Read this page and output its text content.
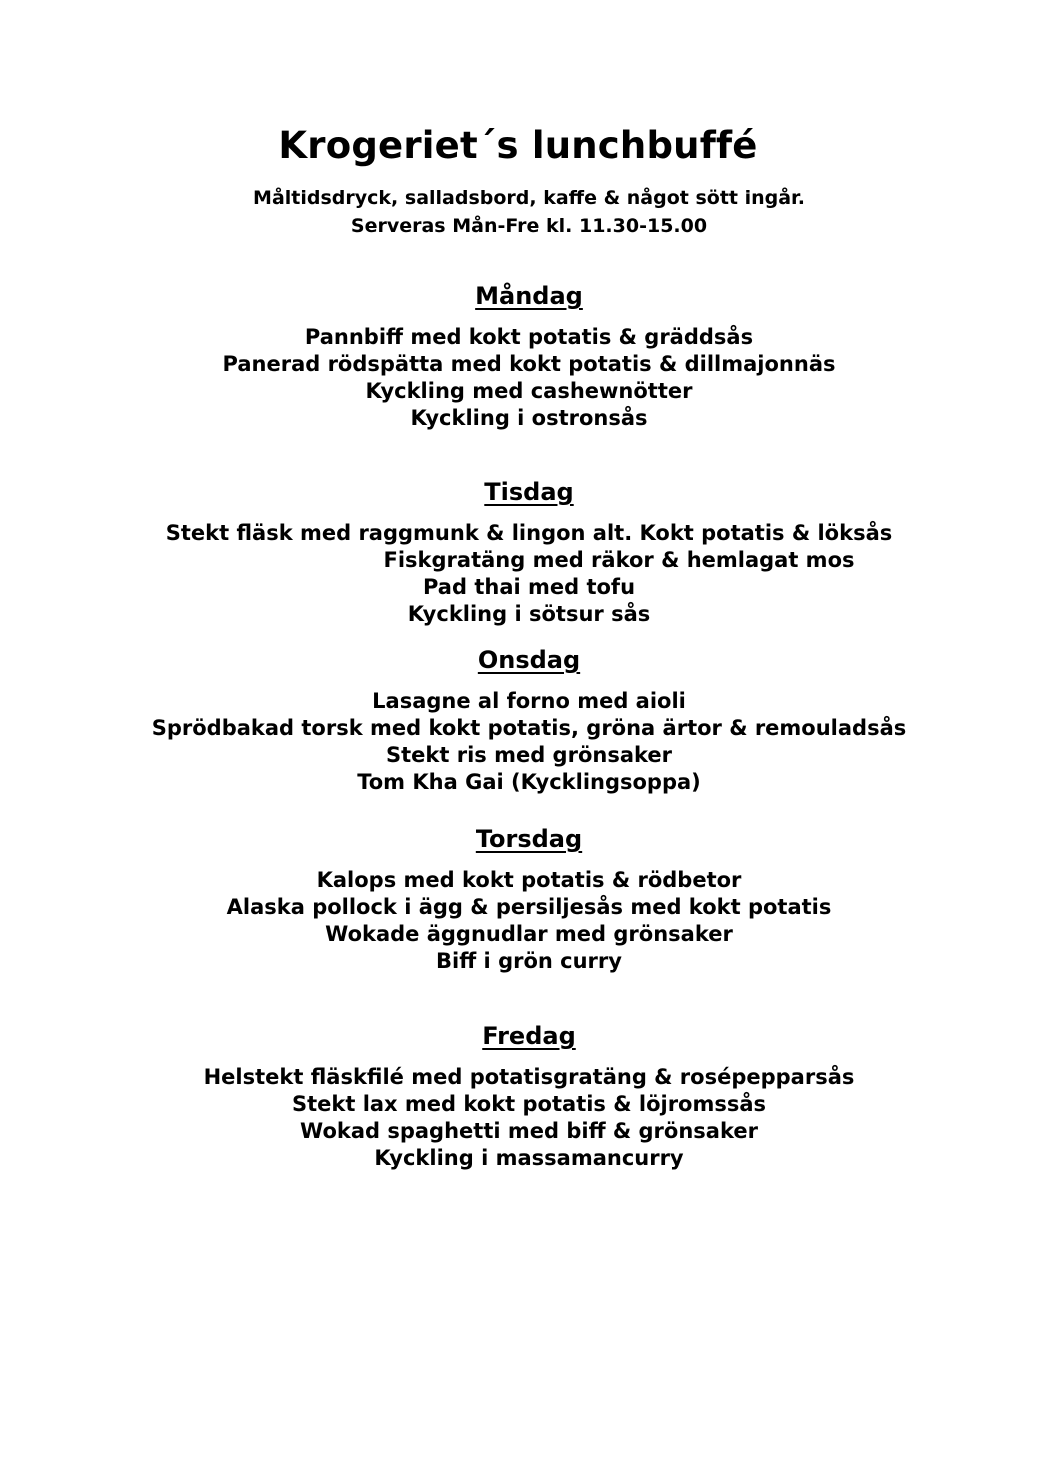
Krogeriet´s lunchbuffé
Måltidsdryck, salladsbord, kaffe & något sött ingår.
Serveras Mån-Fre kl. 11.30-15.00
Måndag
Pannbiff med kokt potatis & gräddsås
Panerad rödspätta med kokt potatis & dillmajonnäs
Kyckling med cashewnötter
Kyckling i ostronsås
Tisdag
Stekt fläsk med raggmunk & lingon alt. Kokt potatis & löksås
Fiskgratäng med räkor & hemlagat mos
Pad thai med tofu
Kyckling i sötsur sås
Onsdag
Lasagne al forno med aioli
Sprödbakad torsk med kokt potatis, gröna ärtor & remouladsås
Stekt ris med grönsaker
Tom Kha Gai (Kycklingsoppa)
Torsdag
Kalops med kokt potatis & rödbetor
Alaska pollock i ägg & persiljesås med kokt potatis
Wokade äggnudlar med grönsaker
Biff i grön curry
Fredag
Helstekt fläskfilé med potatisgratäng & rosépepparsås
Stekt lax med kokt potatis & löjromssås
Wokad spaghetti med biff & grönsaker
Kyckling i massamancurry
